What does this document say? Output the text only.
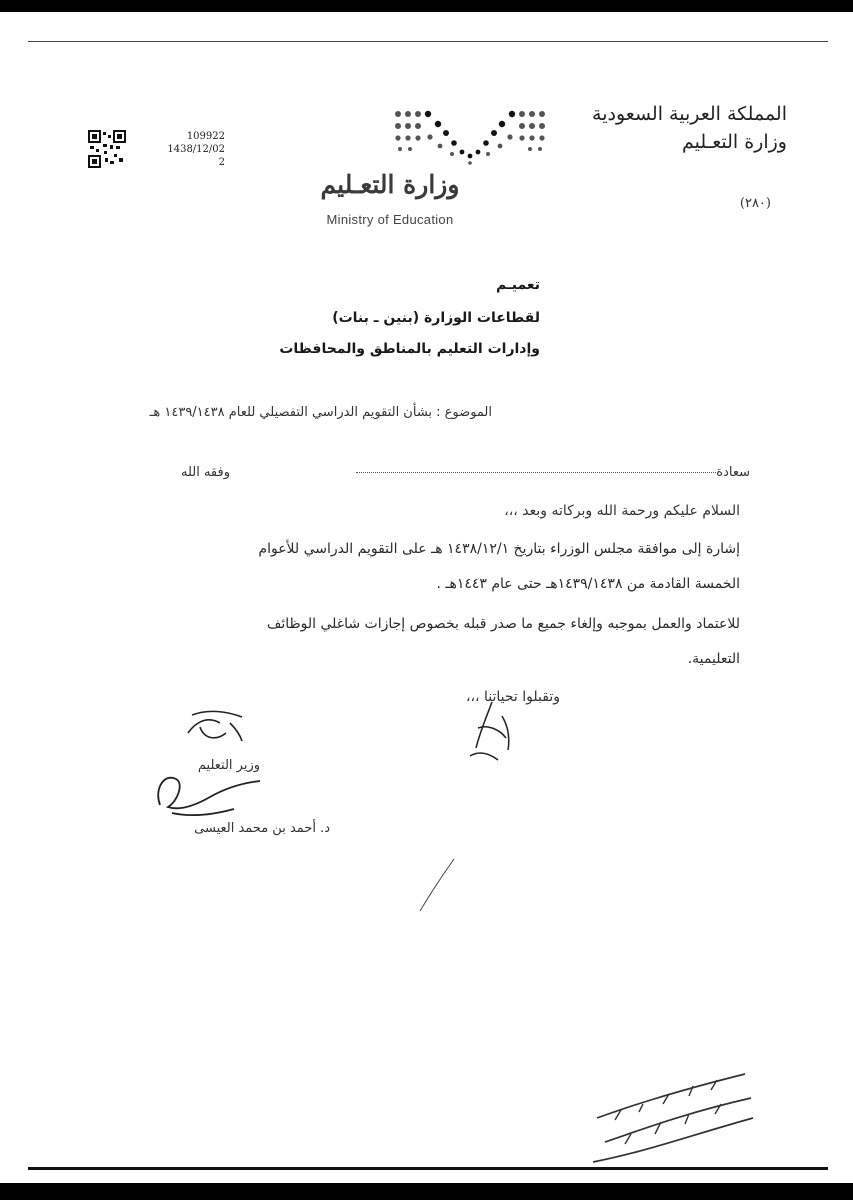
المملكة العربية السعودية
وزارة التعـليم
(٢٨٠)
109922
1438/12/02
2
وزارة التعـليم
Ministry of Education
تعميـم
لقطاعات الوزارة (بنين ـ بنات)
وإدارات التعليم بالمناطق والمحافظات
الموضوع : بشأن التقويم الدراسي التفصيلي للعام ١٤٣٩/١٤٣٨ هـ
سعادة
وفقه الله
السلام عليكم ورحمة الله وبركاته وبعد ،،،
إشارة إلى موافقة مجلس الوزراء بتاريخ ١٤٣٨/١٢/١ هـ على التقويم الدراسي للأعوام
الخمسة القادمة من ١٤٣٩/١٤٣٨هـ حتى عام ١٤٤٣هـ .
للاعتماد والعمل بموجبه وإلغاء جميع ما صدر قبله بخصوص إجازات شاغلي الوظائف
التعليمية.
وتقبلوا تحياتنا ،،،
وزير التعليم
د. أحمد بن محمد العيسى
